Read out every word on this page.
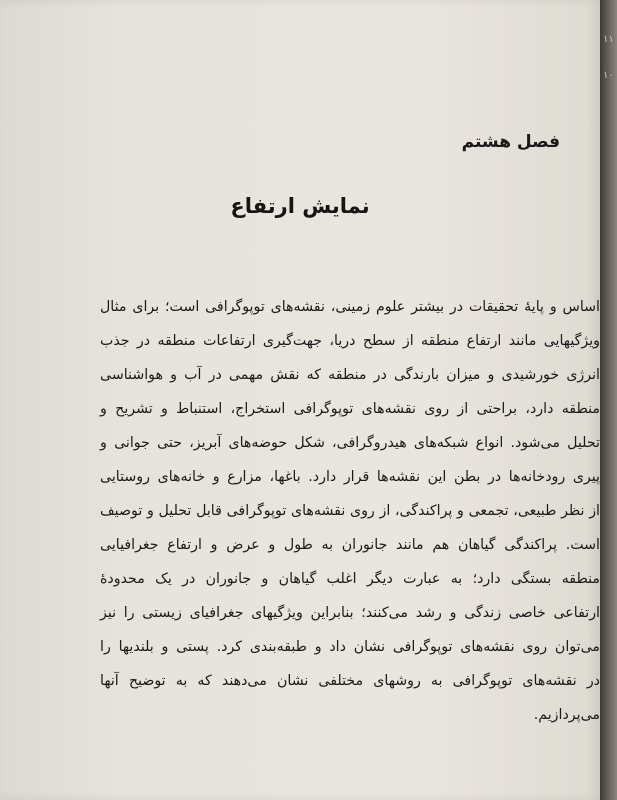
فصل هشتم
نمایش ارتفاع
اساس و پایهٔ تحقیقات در بیشتر علوم زمینی، نقشه‌های توپوگرافی است؛ برای مثال
ویژگیهایی مانند ارتفاع منطقه از سطح دریا، جهت‌گیری ارتفاعات منطقه در جذب
انرژی خورشیدی و میزان بارندگی در منطقه که نقش مهمی در آب و هواشناسی
منطقه دارد، براحتی از روی نقشه‌های توپوگرافی استخراج، استنباط و تشریح و
تحلیل می‌شود. انواع شبکه‌های هیدروگرافی، شکل حوضه‌های آبریز، حتی جوانی و
پیری رودخانه‌ها در بطن این نقشه‌ها قرار دارد. باغها، مزارع و خانه‌های روستایی
از نظر طبیعی، تجمعی و پراکندگی، از روی نقشه‌های توپوگرافی قابل تحلیل و توصیف
است. پراکندگی گیاهان هم مانند جانوران به طول و عرض و ارتفاع جغرافیایی
منطقه بستگی دارد؛ به عبارت دیگر اغلب گیاهان و جانوران در یک محدودهٔ
ارتفاعی خاصی زندگی و رشد می‌کنند؛ بنابراین ویژگیهای جغرافیای زیستی را نیز
می‌توان روی نقشه‌های توپوگرافی نشان داد و طبقه‌بندی کرد. پستی و بلندیها را
در نقشه‌های توپوگرافی به روشهای مختلفی نشان می‌دهند که به توضیح آنها
می‌پردازیم.
۱۱
۱۰
